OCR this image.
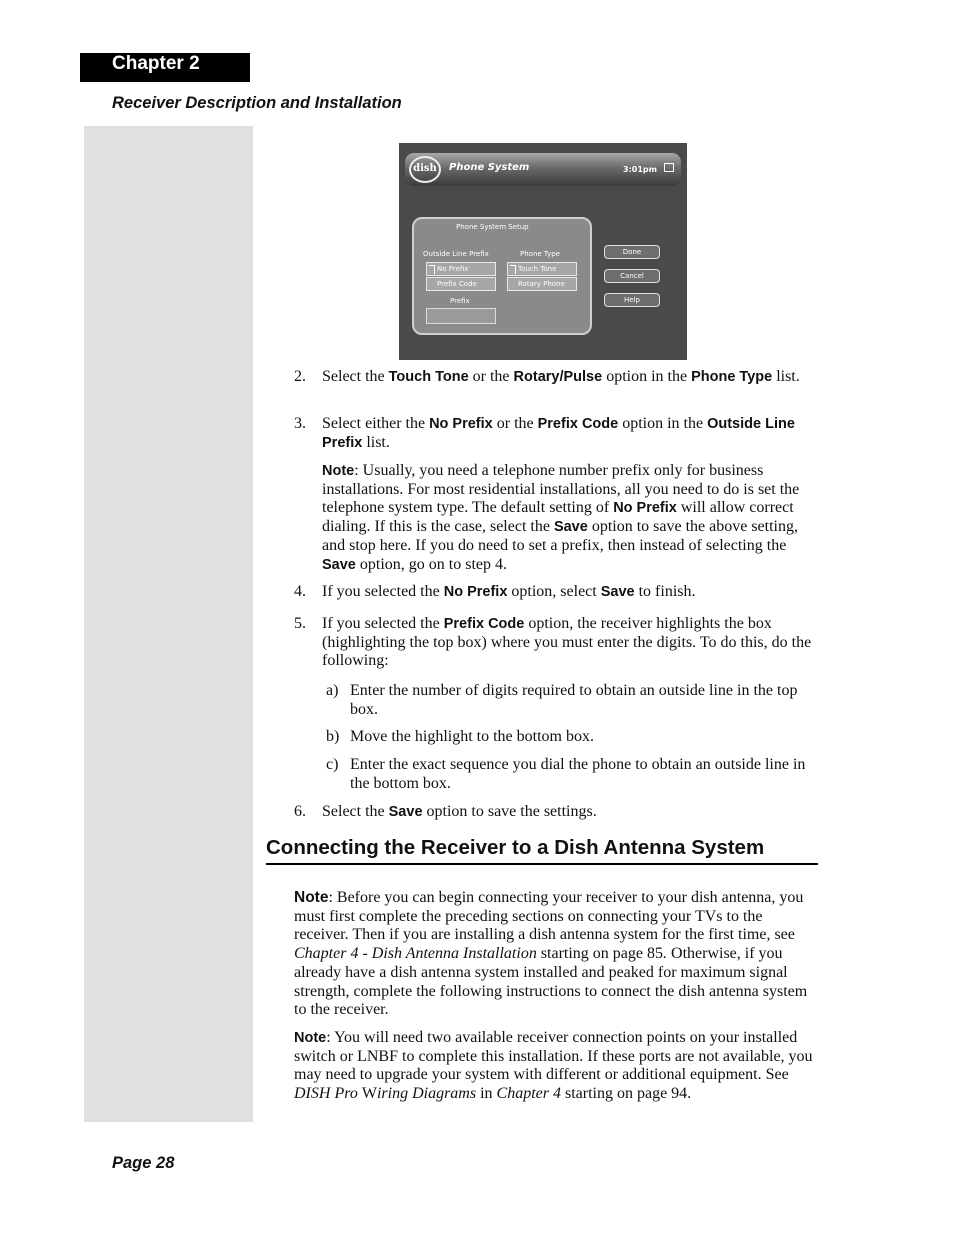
Chapter 2
Receiver Description and Installation
dish	Phone System	3:01pm
Phone System Setup
Outside Line Prefix	Phone Type
No Prefix
Prefix Code
Touch Tone
Rotary Phone
Prefix
Done
Cancel
Help
2. Select the Touch Tone or the Rotary/Pulse option in the Phone Type list.
3. Select either the No Prefix or the Prefix Code option in the Outside Line Prefix list.
Note: Usually, you need a telephone number prefix only for business installations. For most residential installations, all you need to do is set the telephone system type. The default setting of No Prefix will allow correct dialing. If this is the case, select the Save option to save the above setting, and stop here. If you do need to set a prefix, then instead of selecting the Save option, go on to step 4.
4. If you selected the No Prefix option, select Save to finish.
5. If you selected the Prefix Code option, the receiver highlights the box (highlighting the top box) where you must enter the digits. To do this, do the following:
a) Enter the number of digits required to obtain an outside line in the top box.
b) Move the highlight to the bottom box.
c) Enter the exact sequence you dial the phone to obtain an outside line in the bottom box.
6. Select the Save option to save the settings.
Connecting the Receiver to a Dish Antenna System
Note: Before you can begin connecting your receiver to your dish antenna, you must first complete the preceding sections on connecting your TVs to the receiver. Then if you are installing a dish antenna system for the first time, see Chapter 4 - Dish Antenna Installation starting on page 85. Otherwise, if you already have a dish antenna system installed and peaked for maximum signal strength, complete the following instructions to connect the dish antenna system to the receiver.
Note: You will need two available receiver connection points on your installed switch or LNBF to complete this installation. If these ports are not available, you may need to upgrade your system with different or additional equipment. See DISH Pro Wiring Diagrams in Chapter 4 starting on page 94.
Page 28
